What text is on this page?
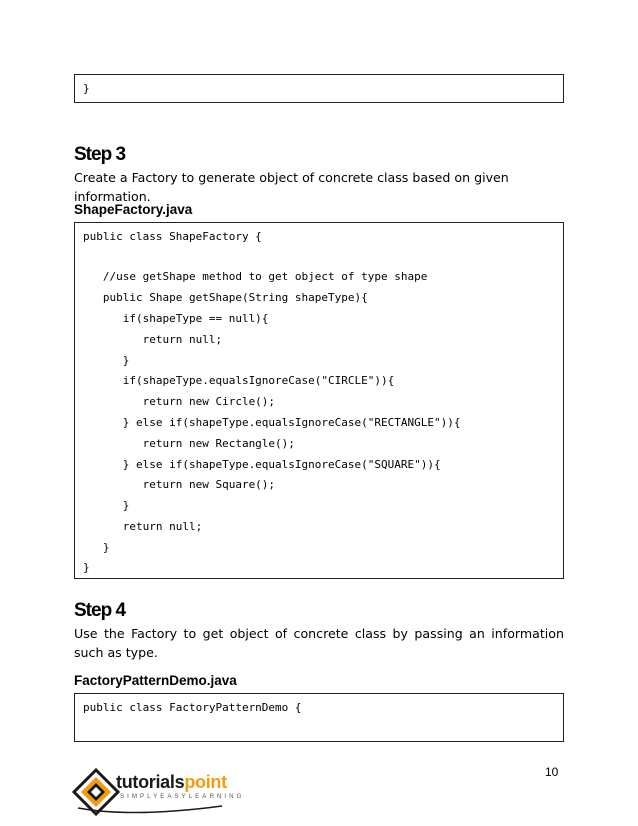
}
Step 3
Create a Factory to generate object of concrete class based on given information.
ShapeFactory.java
public class ShapeFactory {
//use getShape method to get object of type shape
public Shape getShape(String shapeType){
if(shapeType == null){
return null;
}
if(shapeType.equalsIgnoreCase("CIRCLE")){
return new Circle();
} else if(shapeType.equalsIgnoreCase("RECTANGLE")){
return new Rectangle();
} else if(shapeType.equalsIgnoreCase("SQUARE")){
return new Square();
}
return null;
}
}
Step 4
Use the Factory to get object of concrete class by passing an information such as type.
FactoryPatternDemo.java
public class FactoryPatternDemo {
10
tutorialspoint
SIMPLYEASYLEARNING
